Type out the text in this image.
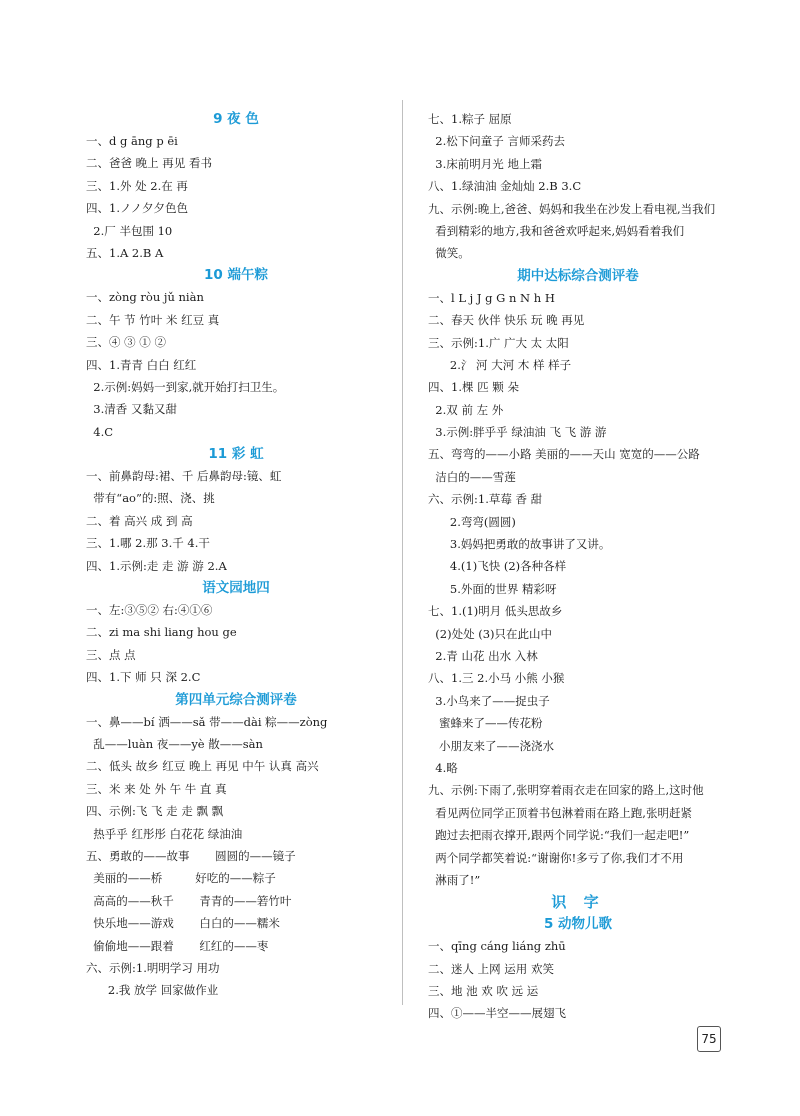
9 夜 色
一、d g āng p ēi
二、爸爸 晚上 再见 看书
三、1.外 处 2.在 再
四、1.ノノ夕夕色色
2.厂 半包围 10
五、1.A 2.B A
10 端午粽
一、zòng ròu jǔ niàn
二、午 节 竹叶 米 红豆 真
三、④ ③ ① ②
四、1.青青 白白 红红
2.示例:妈妈一到家,就开始打扫卫生。
3.清香 又黏又甜
4.C
11 彩 虹
一、前鼻韵母:裙、千 后鼻韵母:镜、虹
带有“ao”的:照、浇、挑
二、着 高兴 成 到 高
三、1.哪 2.那 3.千 4.干
四、1.示例:走 走 游 游 2.A
语文园地四
一、左:③⑤② 右:④①⑥
二、zi ma shi liang hou ge
三、点 点
四、1.下 师 只 深 2.C
第四单元综合测评卷
一、鼻——bí 洒——sǎ 带——dài 粽——zòng
乱——luàn 夜——yè 散——sàn
二、低头 故乡 红豆 晚上 再见 中午 认真 高兴
三、米 来 处 外 午 牛 直 真
四、示例:飞 飞 走 走 飘 飘
热乎乎 红彤彤 白花花 绿油油
五、勇敢的——故事       圆圆的——镜子
美丽的——桥         好吃的——粽子
高高的——秋千       青青的——箬竹叶
快乐地——游戏       白白的——糯米
偷偷地——跟着       红红的——枣
六、示例:1.明明学习 用功
2.我 放学 回家做作业
七、1.粽子 屈原
2.松下问童子 言师采药去
3.床前明月光 地上霜
八、1.绿油油 金灿灿 2.B 3.C
九、示例:晚上,爸爸、妈妈和我坐在沙发上看电视,当我们
看到精彩的地方,我和爸爸欢呼起来,妈妈看着我们
微笑。
期中达标综合测评卷
一、l L j J g G n N h H
二、春天 伙伴 快乐 玩 晚 再见
三、示例:1.广 广大 太 太阳
2.氵 河 大河 木 样 样子
四、1.棵 匹 颗 朵
2.双 前 左 外
3.示例:胖乎乎 绿油油 飞 飞 游 游
五、弯弯的——小路 美丽的——天山 宽宽的——公路
洁白的——雪莲
六、示例:1.草莓 香 甜
2.弯弯(圆圆)
3.妈妈把勇敢的故事讲了又讲。
4.(1)飞快 (2)各种各样
5.外面的世界 精彩呀
七、1.(1)明月 低头思故乡
(2)处处 (3)只在此山中
2.青 山花 出水 入林
八、1.三 2.小马 小熊 小猴
3.小鸟来了——捉虫子
蜜蜂来了——传花粉
小朋友来了——浇浇水
4.略
九、示例:下雨了,张明穿着雨衣走在回家的路上,这时他
看见两位同学正顶着书包淋着雨在路上跑,张明赶紧
跑过去把雨衣撑开,跟两个同学说:“我们一起走吧!”
两个同学都笑着说:“谢谢你!多亏了你,我们才不用
淋雨了!”
识 字
5 动物儿歌
一、qīng cáng liáng zhū
二、迷人 上网 运用 欢笑
三、地 池 欢 吹 远 运
四、①——半空——展翅飞
75
